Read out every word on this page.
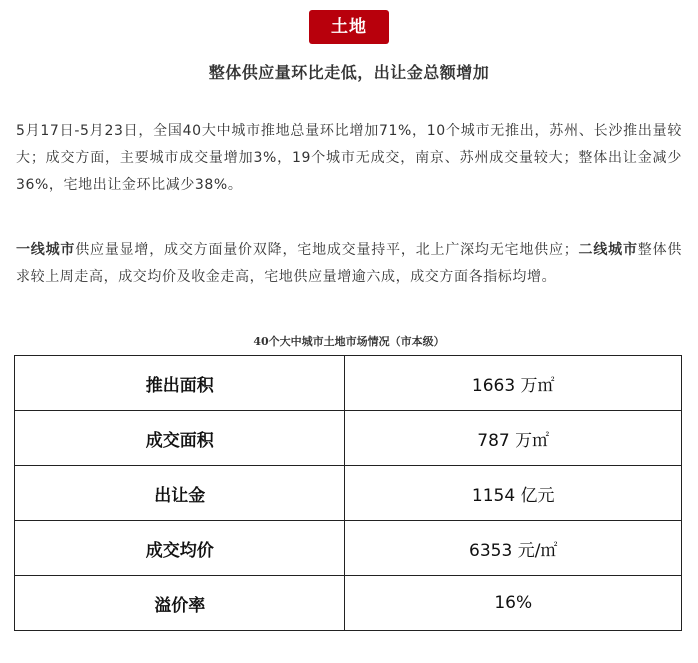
土地
整体供应量环比走低，出让金总额增加

5月17日-5月23日，全国40大中城市推地总量环比增加71%，10个城市无推出，苏州、长沙推出量较大；成交方面，主要城市成交量增加3%，19个城市无成交，南京、苏州成交量较大；整体出让金减少36%，宅地出让金环比减少38%。

一线城市供应量显增，成交方面量价双降，宅地成交量持平，北上广深均无宅地供应；二线城市整体供求较上周走高，成交均价及收金走高，宅地供应量增逾六成，成交方面各指标均增。

40个大中城市土地市场情况（市本级）
推出面积	1663 万㎡
成交面积	787 万㎡
出让金	1154 亿元
成交均价	6353 元/㎡
溢价率	16%
